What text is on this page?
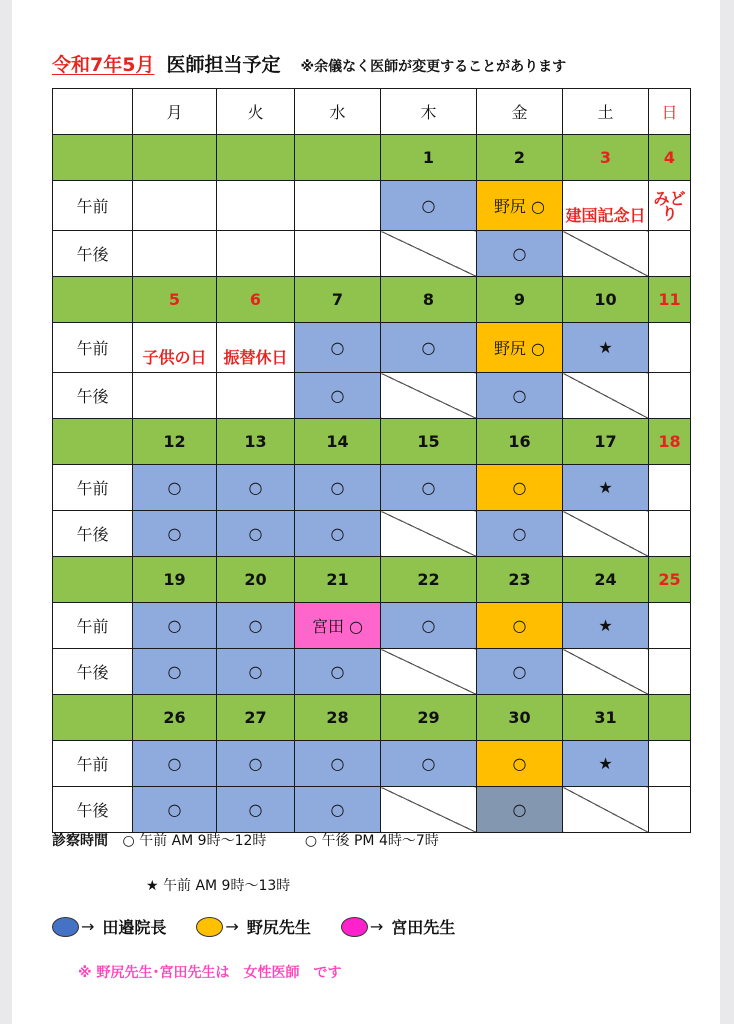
令和7年5月 医師担当予定 ※余儀なく医師が変更することがあります
	月	火	水	木	金	土	日
				1	2	3	4
午前				○	野尻 ○	建国記念日	みどり
午後					○		
	5	6	7	8	9	10	11
午前	子供の日	振替休日	○	○	野尻 ○	★	
午後			○		○		
	12	13	14	15	16	17	18
午前	○	○	○	○	○	★	
午後	○	○	○		○		
	19	20	21	22	23	24	25
午前	○	○	宮田 ○	○	○	★	
午後	○	○	○		○		
	26	27	28	29	30	31	
午前	○	○	○	○	○	★	
午後	○	○	○		○		
診察時間 ○ 午前 AM 9時～12時	○ 午後 PM 4時～7時
★ 午前 AM 9時～13時
→ 田邉院長	→ 野尻先生	→ 宮田先生
※ 野尻先生･宮田先生は　女性医師　です
